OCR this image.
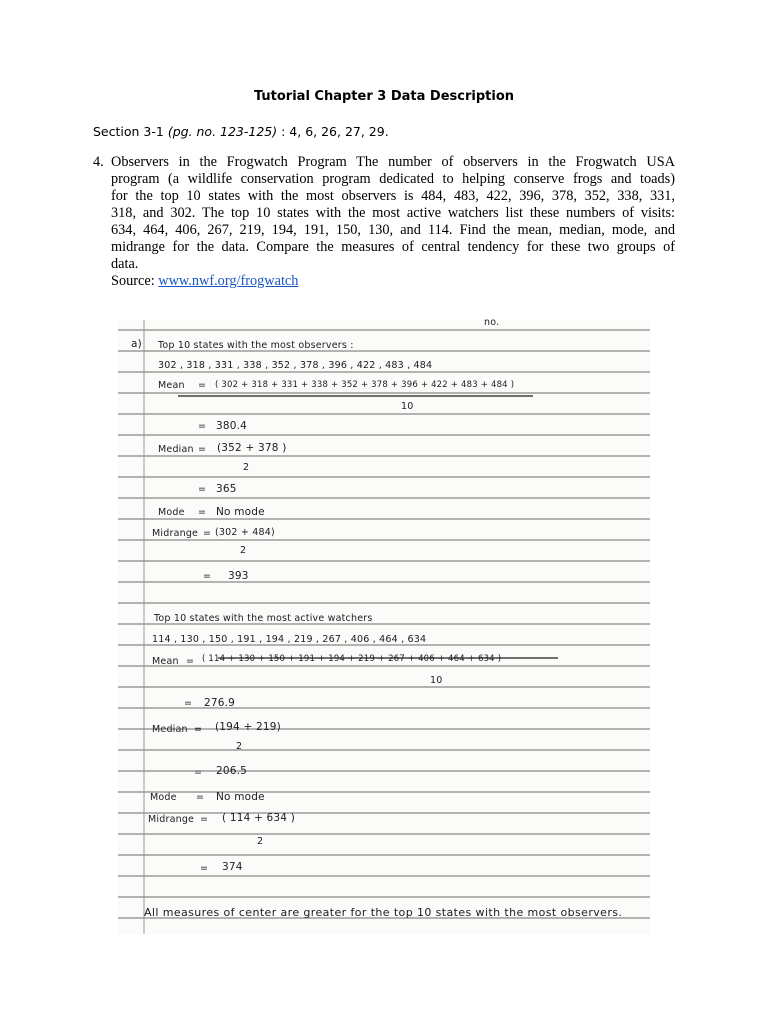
Tutorial Chapter 3 Data Description
Section 3-1 (pg. no. 123-125) : 4, 6, 26, 27, 29.
4. Observers in the Frogwatch Program The number of observers in the Frogwatch USA
program (a wildlife conservation program dedicated to helping conserve frogs and toads)
for the top 10 states with the most observers is 484, 483, 422, 396, 378, 352, 338, 331,
318, and 302. The top 10 states with the most active watchers list these numbers of visits:
634, 464, 406, 267, 219, 194, 191, 150, 130, and 114. Find the mean, median, mode, and
midrange for the data. Compare the measures of central tendency for these two groups of
data.
Source: www.nwf.org/frogwatch
no.
a) Top 10 states with the most observers :
302 , 318 , 331 , 338 , 352 , 378 , 396 , 422 , 483 , 484
Mean = ( 302 + 318 + 331 + 338 + 352 + 378 + 396 + 422 + 483 + 484 )
10
= 380.4
Median = (352 + 378 )
2
= 365
Mode = No mode
Midrange = (302 + 484)
2
= 393
Top 10 states with the most active watchers
114 , 130 , 150 , 191 , 194 , 219 , 267 , 406 , 464 , 634
Mean = ( 114 + 130 + 150 + 191 + 194 + 219 + 267 + 406 + 464 + 634 )
10
= 276.9
Median = (194 + 219)
2
= 206.5
Mode = No mode
Midrange = ( 114 + 634 )
2
= 374
All measures of center are greater for the top 10 states with the most observers.
